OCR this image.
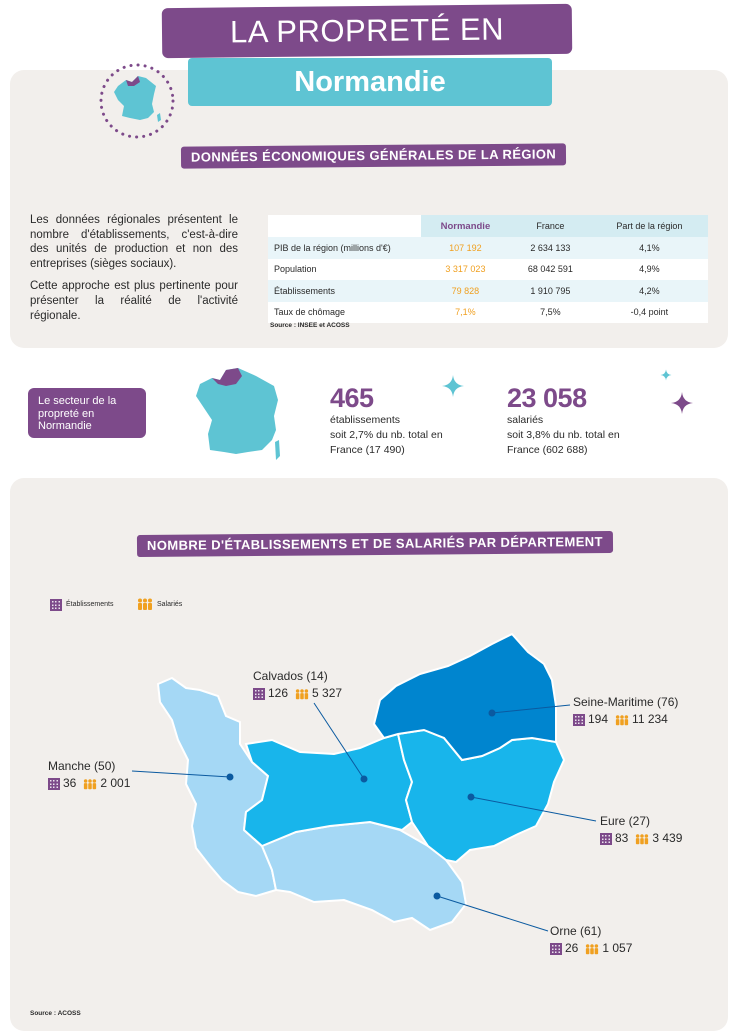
LA PROPRETÉ EN
Normandie
DONNÉES ÉCONOMIQUES GÉNÉRALES DE LA RÉGION

Les données régionales présentent le nombre d'établissements, c'est-à-dire des unités de production et non des entreprises (sièges sociaux).

Cette approche est plus pertinente pour présenter la réalité de l'activité régionale.

	Normandie	France	Part de la région
PIB de la région (millions d'€)	107 192	2 634 133	4,1%
Population	3 317 023	68 042 591	4,9%
Établissements	79 828	1 910 795	4,2%
Taux de chômage	7,1%	7,5%	-0,4 point
Source : INSEE et ACOSS
Le secteur de la propreté en Normandie
465
établissements
soit 2,7% du nb. total en
France (17 490)
23 058
salariés
soit 3,8% du nb. total en
France (602 688)
NOMBRE D'ÉTABLISSEMENTS ET DE SALARIÉS PAR DÉPARTEMENT
Établissements	Salariés
Calvados (14)
126 5 327
Seine-Maritime (76)
194 11 234
Manche (50)
36 2 001
Eure (27)
83 3 439
Orne (61)
26 1 057
Source : ACOSS
